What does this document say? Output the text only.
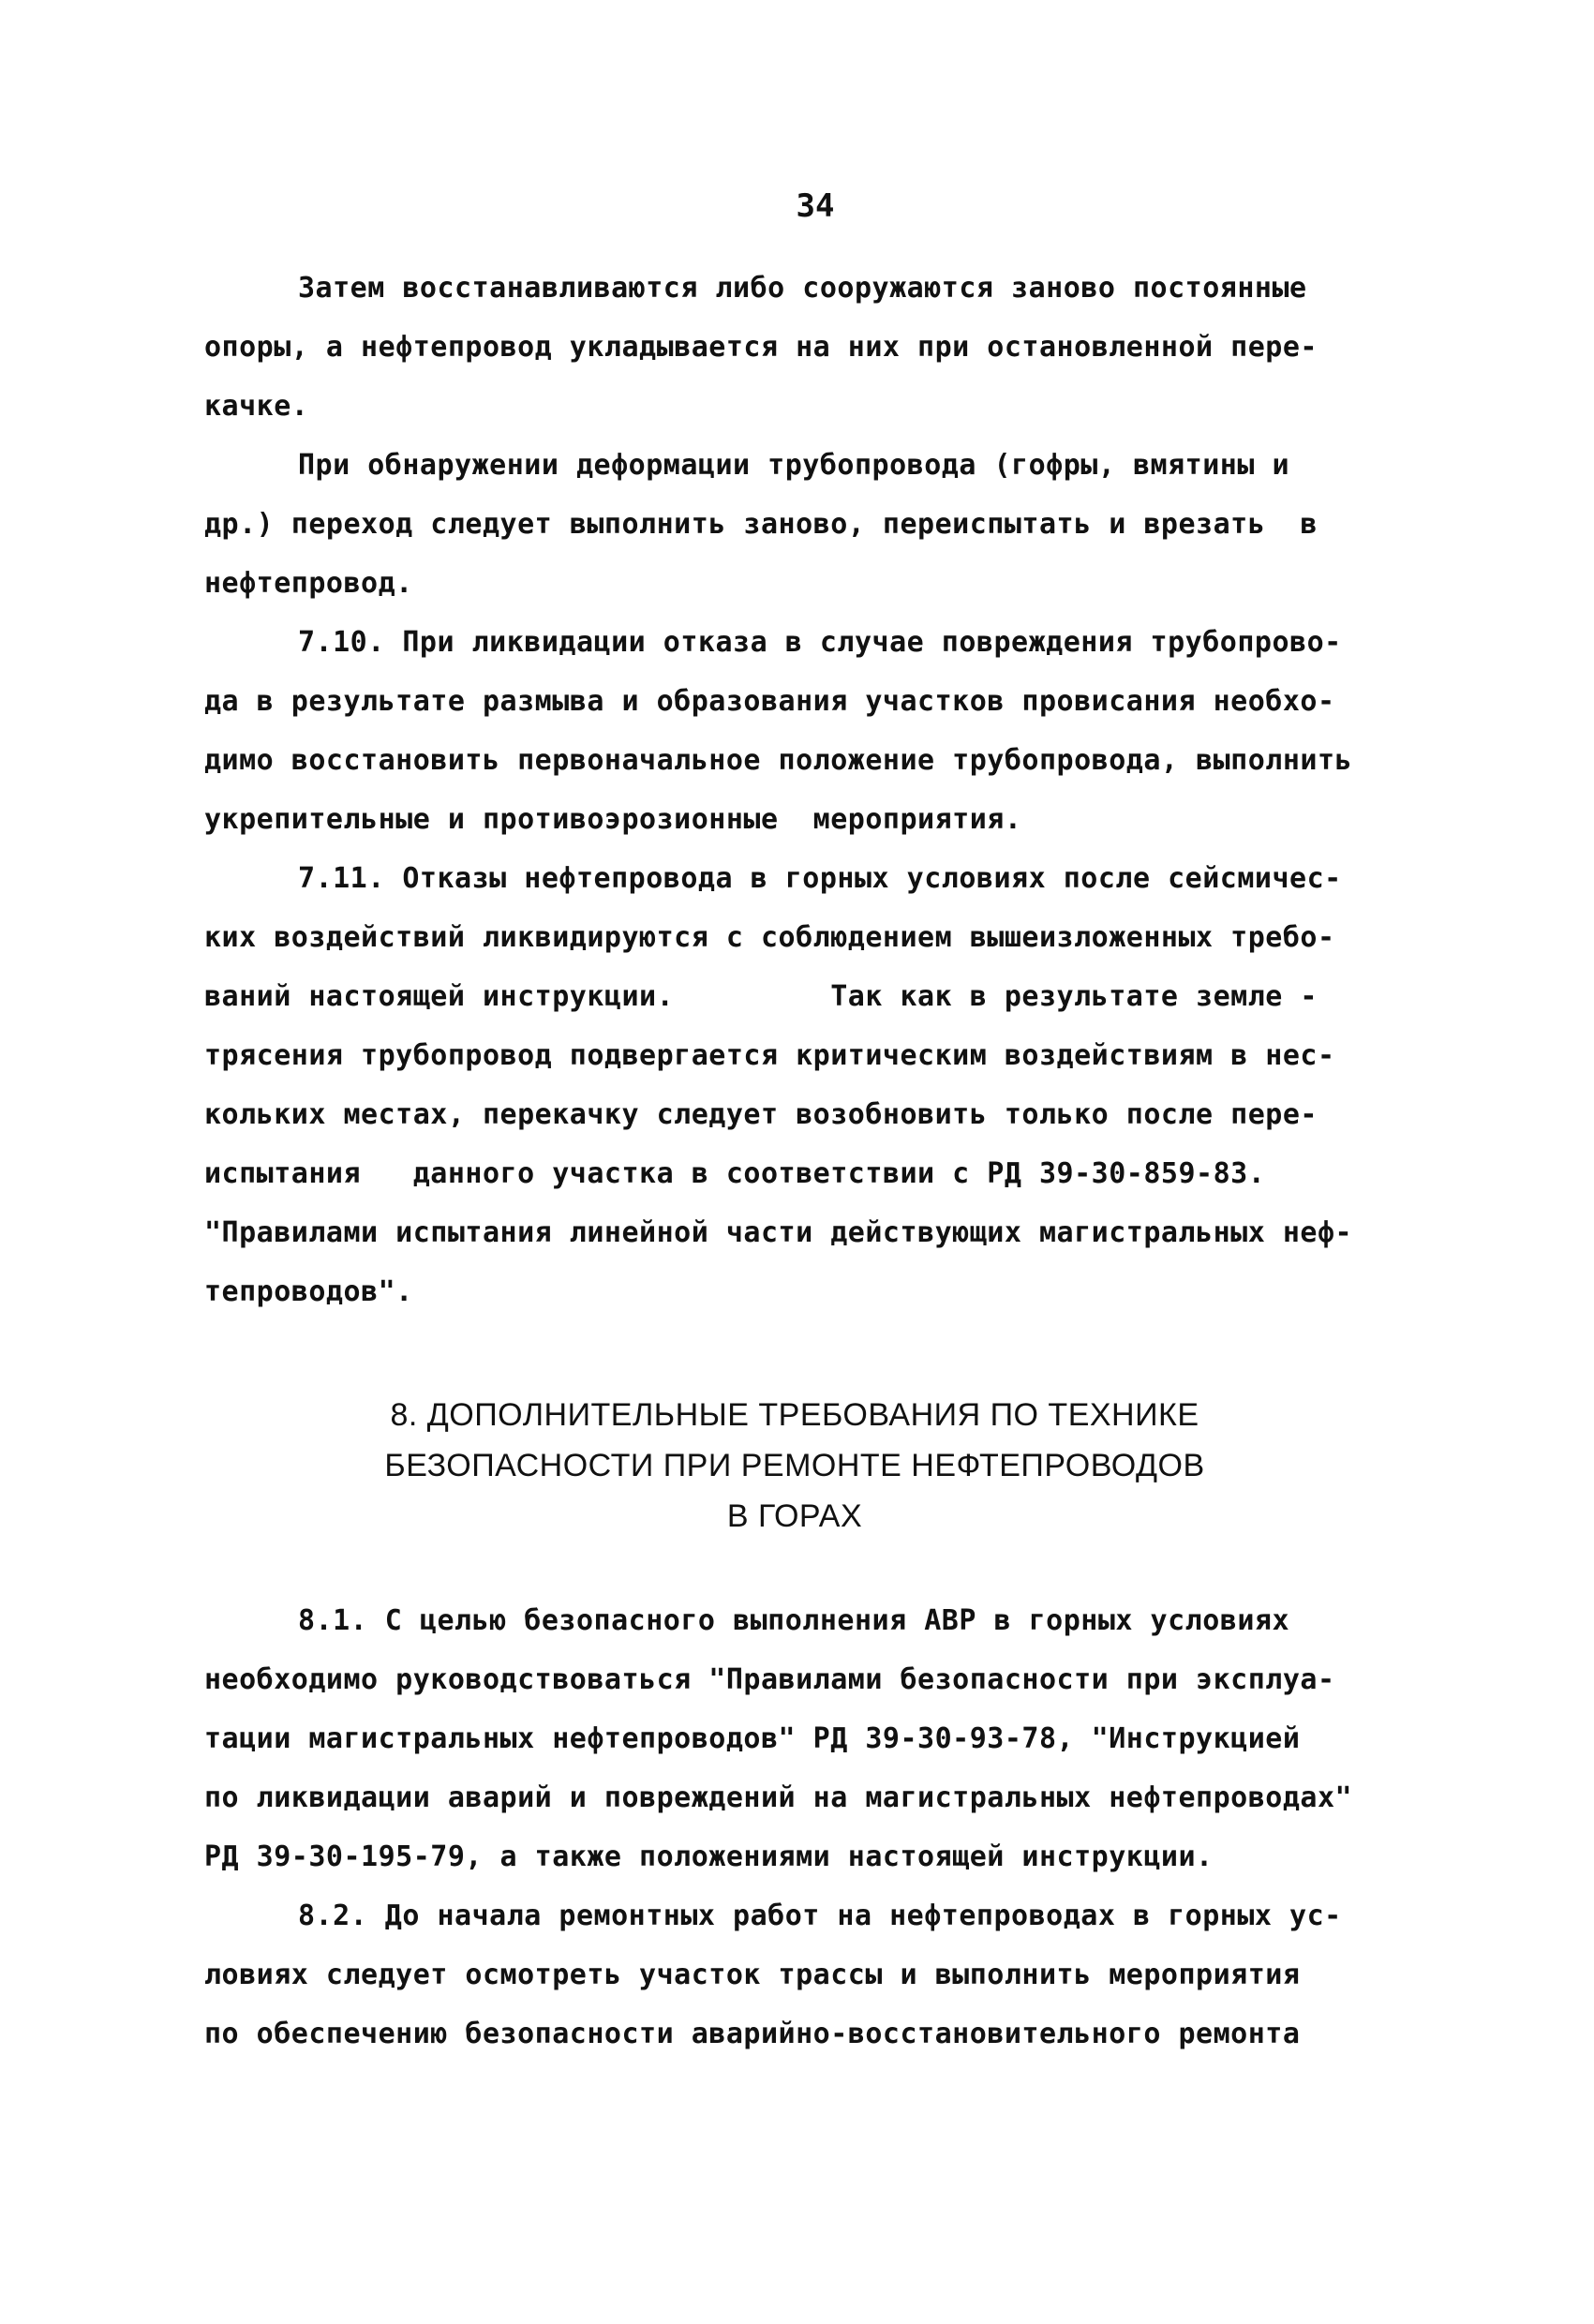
34
Затем восстанавливаются либо сооружаются заново постоянные
опоры, а нефтепровод укладывается на них при остановленной пере-
качке.
При обнаружении деформации трубопровода (гофры, вмятины и
др.) переход следует выполнить заново, переиспытать и врезать  в
нефтепровод.
7.10. При ликвидации отказа в случае повреждения трубопрово-
да в результате размыва и образования участков провисания необхо-
димо восстановить первоначальное положение трубопровода, выполнить
укрепительные и противоэрозионные  мероприятия.
7.11. Отказы нефтепровода в горных условиях после сейсмичес-
ких воздействий ликвидируются с соблюдением вышеизложенных требо-
ваний настоящей инструкции.         Так как в результате земле -
трясения трубопровод подвергается критическим воздействиям в нес-
кольких местах, перекачку следует возобновить только после пере-
испытания   данного участка в соответствии с РД 39-30-859-83.
"Правилами испытания линейной части действующих магистральных неф-
тепроводов".
8. ДОПОЛНИТЕЛЬНЫЕ ТРЕБОВАНИЯ ПО ТЕХНИКЕ
БЕЗОПАСНОСТИ ПРИ РЕМОНТЕ НЕФТЕПРОВОДОВ
В ГОРАХ
8.1. С целью безопасного выполнения АВР в горных условиях
необходимо руководствоваться "Правилами безопасности при эксплуа-
тации магистральных нефтепроводов" РД 39-30-93-78, "Инструкцией
по ликвидации аварий и повреждений на магистральных нефтепроводах"
РД 39-30-195-79, а также положениями настоящей инструкции.
8.2. До начала ремонтных работ на нефтепроводах в горных ус-
ловиях следует осмотреть участок трассы и выполнить мероприятия
по обеспечению безопасности аварийно-восстановительного ремонта
